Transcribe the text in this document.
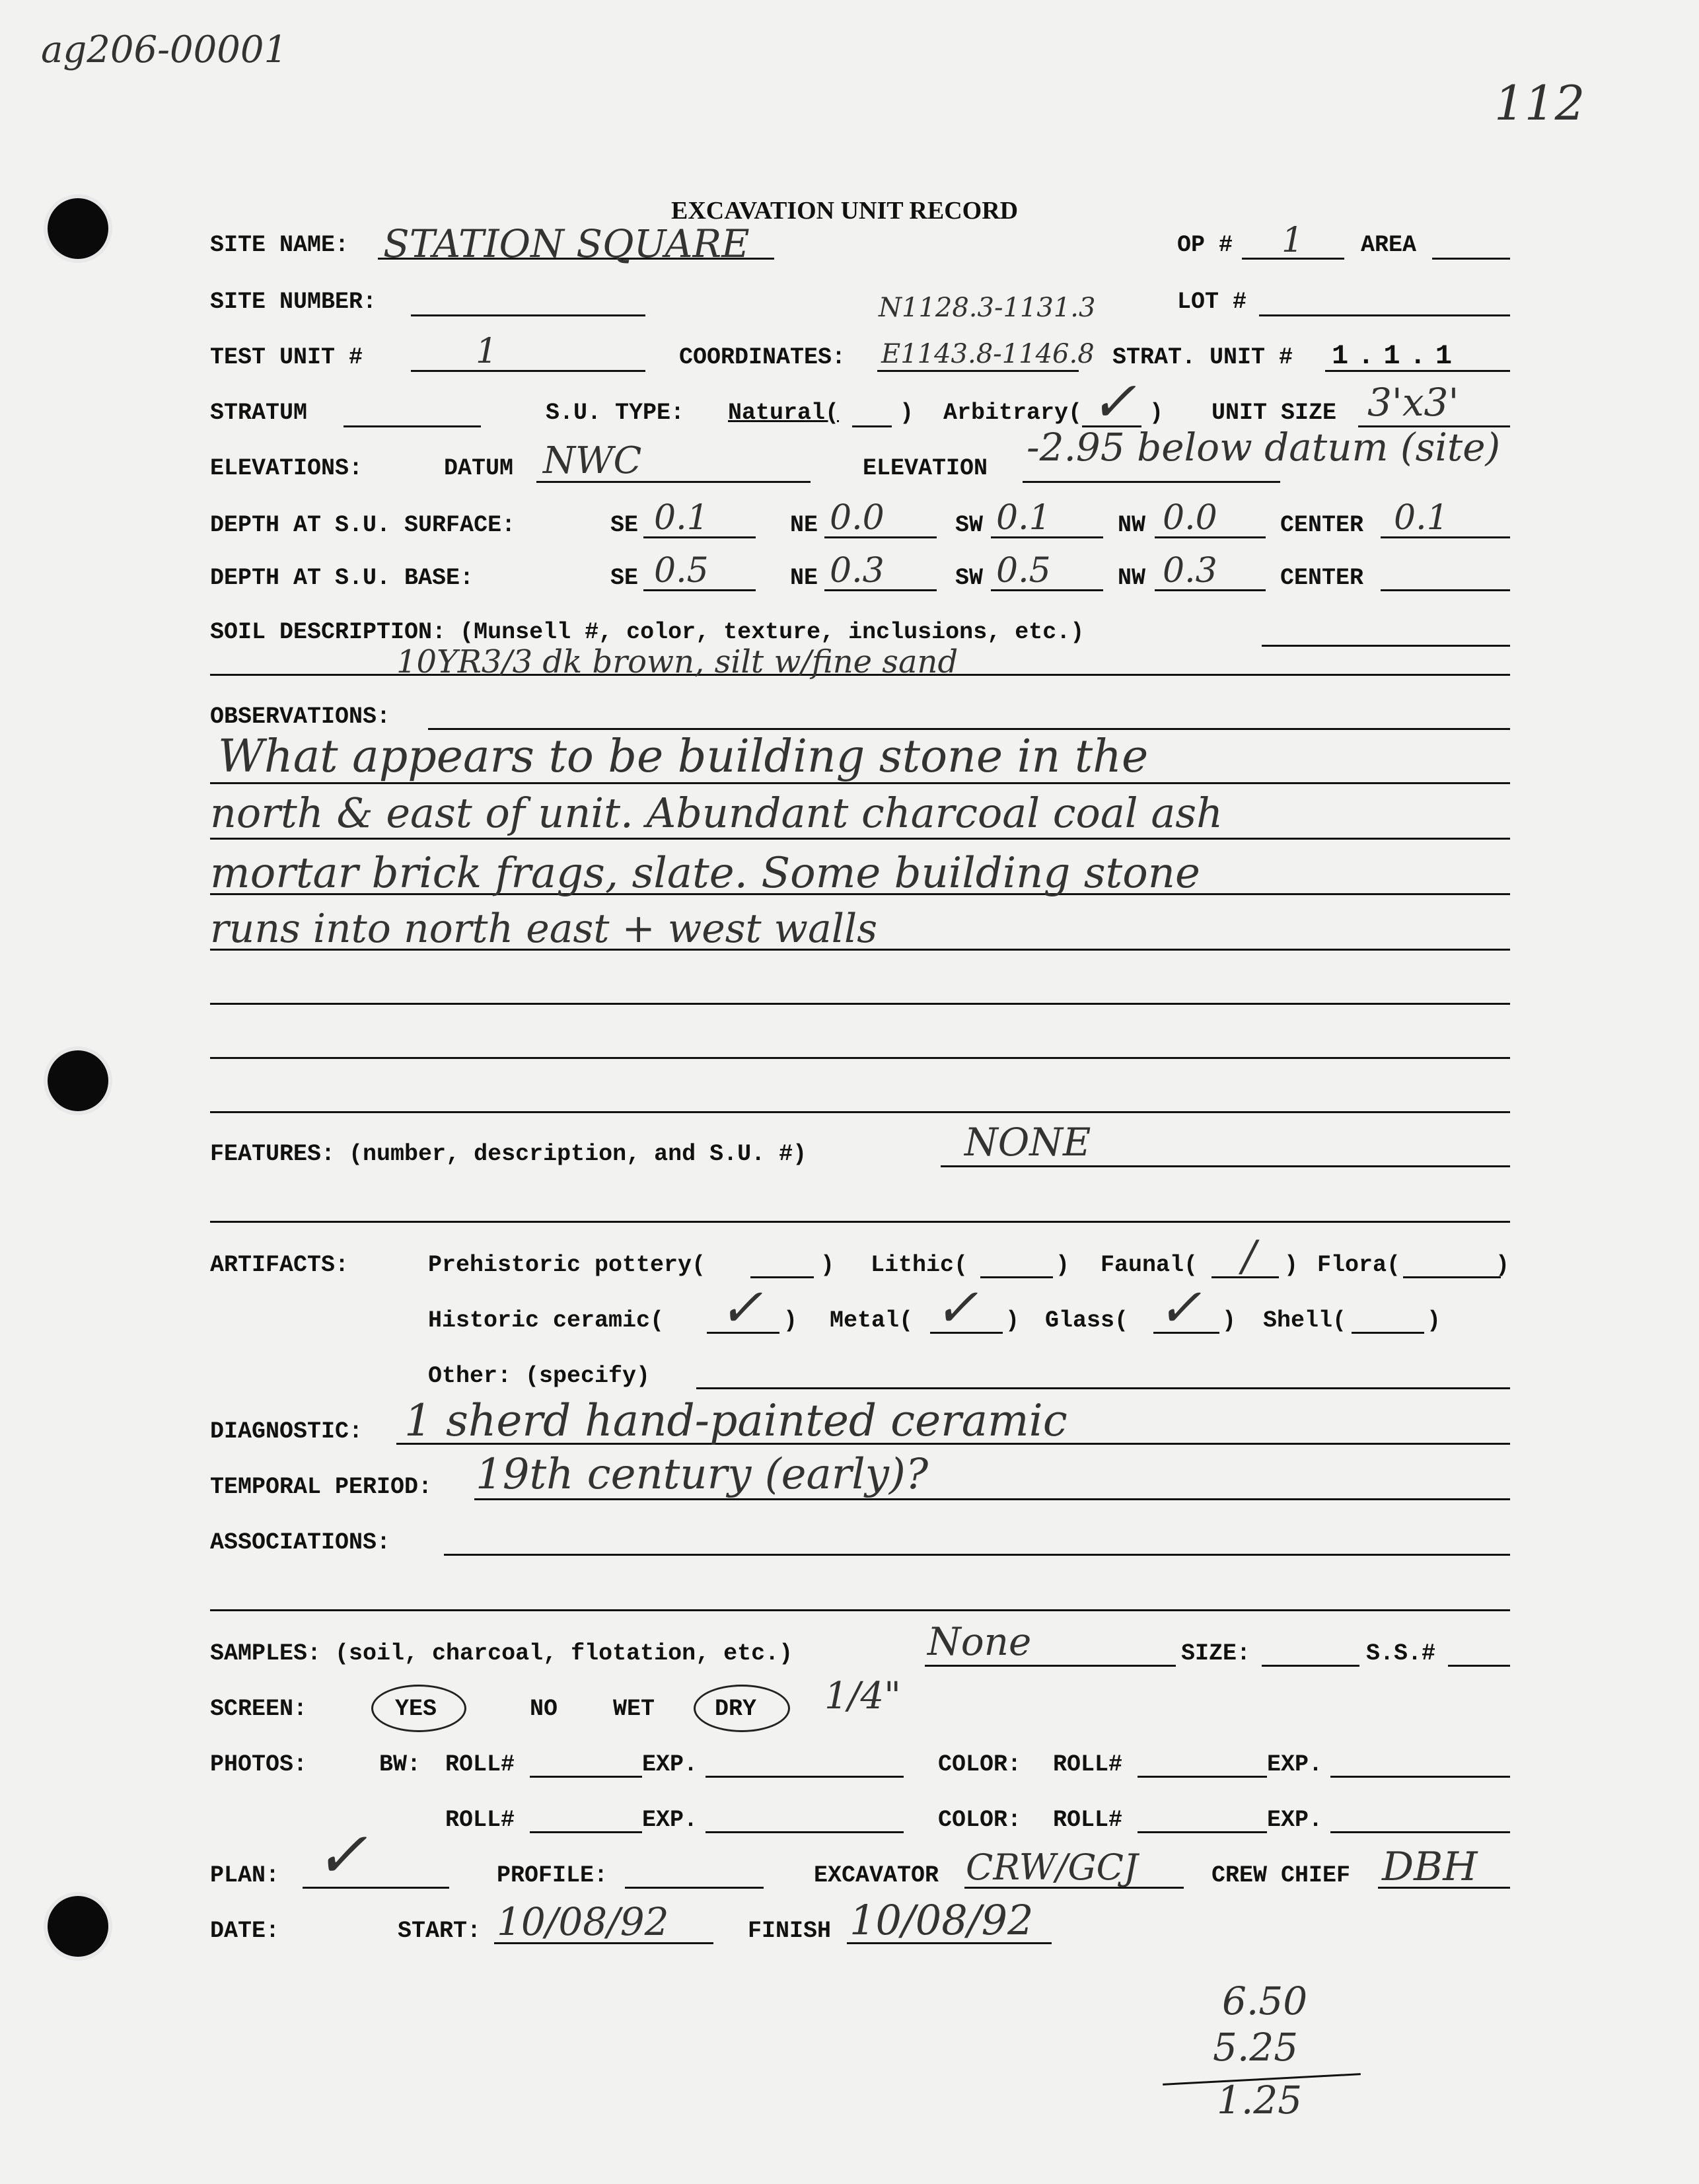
ag206-00001
112
EXCAVATION UNIT RECORD
SITE NAME: STATION SQUARE	OP # 1 AREA
SITE NUMBER:	N1128.3-1131.3	LOT #
TEST UNIT #	1	COORDINATES: E1143.8-1146.8 STRAT. UNIT # 1.1.1
STRATUM	S.U. TYPE: Natural(	) Arbitrary( ✓ ) UNIT SIZE 3'x3'
ELEVATIONS:	DATUM NWC	ELEVATION -2.95 below datum (site)
DEPTH AT S.U. SURFACE:	SE 0.1	NE 0.0	SW 0.1	NW 0.0	CENTER 0.1
DEPTH AT S.U. BASE:	SE 0.5	NE 0.3	SW 0.5	NW 0.3	CENTER
SOIL DESCRIPTION: (Munsell #, color, texture, inclusions, etc.)
10YR3/3 dk brown, silt w/fine sand
OBSERVATIONS:
What appears to be building stone in the
north & east of unit. Abundant charcoal coal ash
mortar brick frags, slate. Some building stone
runs into north east + west walls
FEATURES: (number, description, and S.U. #)	NONE
ARTIFACTS:	Prehistoric pottery(	) Lithic(	) Faunal( / ) Flora(	)
Historic ceramic( ✓ ) Metal( ✓ ) Glass( ✓ ) Shell(	)
Other: (specify)
DIAGNOSTIC: 1 sherd hand-painted ceramic
TEMPORAL PERIOD: 19th century (early)?
ASSOCIATIONS:
SAMPLES: (soil, charcoal, flotation, etc.)	None	SIZE:	S.S.#
SCREEN:	YES	NO WET	DRY 1/4"
PHOTOS:	BW: ROLL#	EXP.	COLOR: ROLL#	EXP.
ROLL#	EXP.	COLOR: ROLL#	EXP.
PLAN: ✓	PROFILE:	EXCAVATOR CRW/GCJ	CREW CHIEF DBH
DATE:	START: 10/08/92	FINISH 10/08/92
6.50
5.25
1.25
